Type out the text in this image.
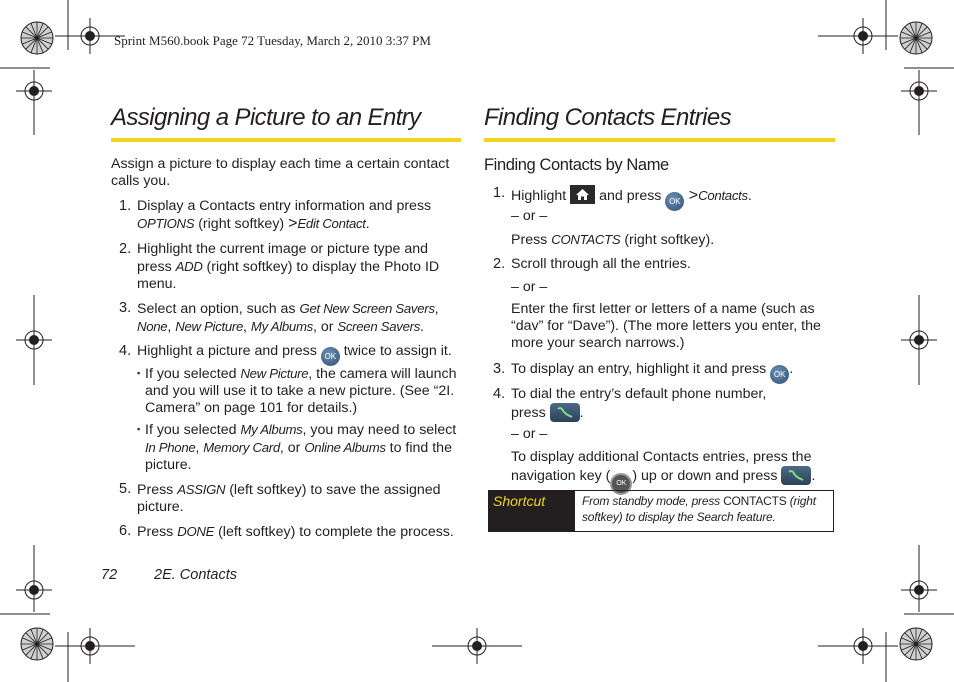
Sprint M560.book Page 72 Tuesday, March 2, 2010 3:37 PM
Assigning a Picture to an Entry
Assign a picture to display each time a certain contact calls you.
1. Display a Contacts entry information and press OPTIONS (right softkey) >Edit Contact.
2. Highlight the current image or picture type and press ADD (right softkey) to display the Photo ID menu.
3. Select an option, such as Get New Screen Savers, None, New Picture, My Albums, or Screen Savers.
4. Highlight a picture and press OK twice to assign it.
▪ If you selected New Picture, the camera will launch and you will use it to take a new picture. (See “2I. Camera” on page 101 for details.)
▪ If you selected My Albums, you may need to select In Phone, Memory Card, or Online Albums to find the picture.
5. Press ASSIGN (left softkey) to save the assigned picture.
6. Press DONE (left softkey) to complete the process.
Finding Contacts Entries
Finding Contacts by Name
1. Highlight
and press OK >Contacts.
– or –
Press CONTACTS (right softkey).
2. Scroll through all the entries.
– or –
Enter the first letter or letters of a name (such as “dav” for “Dave”). (The more letters you enter, the more your search narrows.)
3. To display an entry, highlight it and press OK .
4. To dial the entry’s default phone number, press
.
– or –
To display additional Contacts entries, press the navigation key ( OK ) up or down and press
.
Shortcut	From standby mode, press CONTACTS (right softkey) to display the Search feature.
72	2E. Contacts
